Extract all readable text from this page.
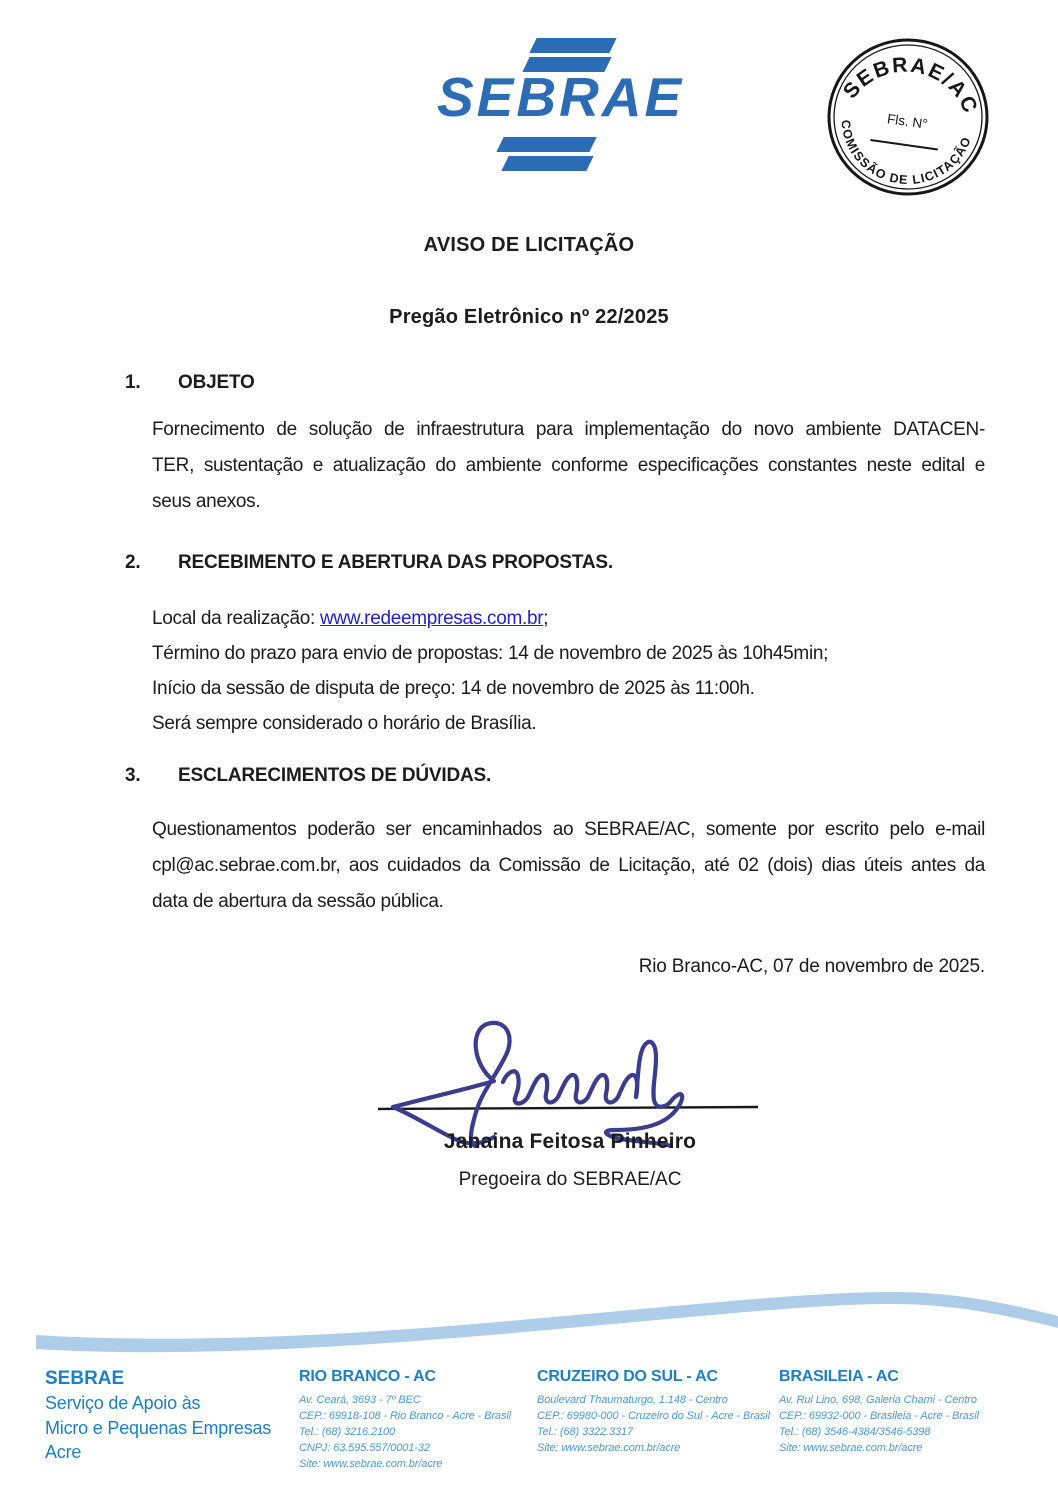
SEBRAE	SEBRAE/AC
Fls. N°
COMISSÃO DE LICITAÇÃO
AVISO DE LICITAÇÃO
Pregão Eletrônico nº 22/2025
1. OBJETO
Fornecimento de solução de infraestrutura para implementação do novo ambiente DATACEN-
TER, sustentação e atualização do ambiente conforme especificações constantes neste edital e
seus anexos.
2. RECEBIMENTO E ABERTURA DAS PROPOSTAS.
Local da realização: www.redeempresas.com.br;
Término do prazo para envio de propostas: 14 de novembro de 2025 às 10h45min;
Início da sessão de disputa de preço: 14 de novembro de 2025 às 11:00h.
Será sempre considerado o horário de Brasília.
3. ESCLARECIMENTOS DE DÚVIDAS.
Questionamentos poderão ser encaminhados ao SEBRAE/AC, somente por escrito pelo e-mail
cpl@ac.sebrae.com.br, aos cuidados da Comissão de Licitação, até 02 (dois) dias úteis antes da
data de abertura da sessão pública.
Rio Branco-AC, 07 de novembro de 2025.
Janaina Feitosa Pinheiro
Pregoeira do SEBRAE/AC
SEBRAE
Serviço de Apoio às
Micro e Pequenas Empresas
Acre
RIO BRANCO - AC
Av. Ceará, 3693 - 7º BEC
CEP.: 69918-108 - Rio Branco - Acre - Brasil
Tel.: (68) 3216.2100
CNPJ: 63.595.557/0001-32
Site: www.sebrae.com.br/acre
CRUZEIRO DO SUL - AC
Boulevard Thaumaturgo, 1.148 - Centro
CEP.: 69980-000 - Cruzeiro do Sul - Acre - Brasil
Tel.: (68) 3322.3317
Site: www.sebrae.com.br/acre
BRASILEIA - AC
Av. Rui Lino, 698, Galeria Chami - Centro
CEP.: 69932-000 - Brasileia - Acre - Brasil
Tel.: (68) 3546-4384/3546-5398
Site: www.sebrae.com.br/acre
